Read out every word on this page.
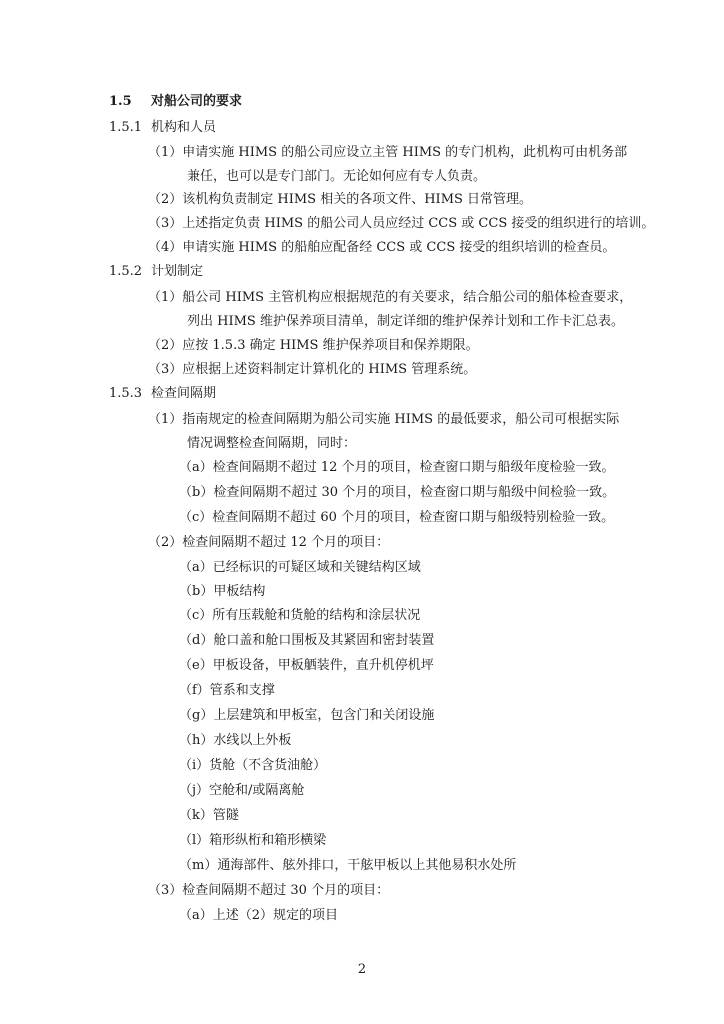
1.5 对船公司的要求
1.5.1 机构和人员
（1）申请实施 HIMS 的船公司应设立主管 HIMS 的专门机构，此机构可由机务部
兼任，也可以是专门部门。无论如何应有专人负责。
（2）该机构负责制定 HIMS 相关的各项文件、HIMS 日常管理。
（3）上述指定负责 HIMS 的船公司人员应经过 CCS 或 CCS 接受的组织进行的培训。
（4）申请实施 HIMS 的船舶应配备经 CCS 或 CCS 接受的组织培训的检查员。
1.5.2 计划制定
（1）船公司 HIMS 主管机构应根据规范的有关要求，结合船公司的船体检查要求，
列出 HIMS 维护保养项目清单，制定详细的维护保养计划和工作卡汇总表。
（2）应按 1.5.3 确定 HIMS 维护保养项目和保养期限。
（3）应根据上述资料制定计算机化的 HIMS 管理系统。
1.5.3 检查间隔期
（1）指南规定的检查间隔期为船公司实施 HIMS 的最低要求，船公司可根据实际
情况调整检查间隔期，同时：
（a）检查间隔期不超过 12 个月的项目，检查窗口期与船级年度检验一致。
（b）检查间隔期不超过 30 个月的项目，检查窗口期与船级中间检验一致。
（c）检查间隔期不超过 60 个月的项目，检查窗口期与船级特别检验一致。
（2）检查间隔期不超过 12 个月的项目：
（a）已经标识的可疑区域和关键结构区域
（b）甲板结构
（c）所有压载舱和货舱的结构和涂层状况
（d）舱口盖和舱口围板及其紧固和密封装置
（e）甲板设备，甲板舾装件，直升机停机坪
（f）管系和支撑
（g）上层建筑和甲板室，包含门和关闭设施
（h）水线以上外板
（i）货舱（不含货油舱）
（j）空舱和/或隔离舱
（k）管隧
（l）箱形纵桁和箱形横梁
（m）通海部件、舷外排口，干舷甲板以上其他易积水处所
（3）检查间隔期不超过 30 个月的项目：
（a）上述（2）规定的项目
2
